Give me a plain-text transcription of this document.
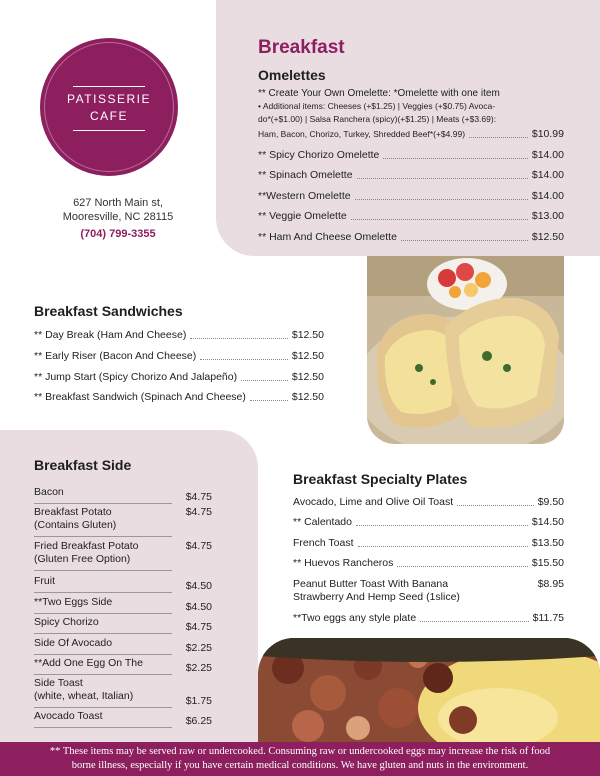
PATISSERIE
CAFE
627 North Main st,
Mooresville, NC 28115
(704) 799-3355
Breakfast
Omelettes
** Create Your Own Omelette: *Omelette with one item
• Additional items: Cheeses (+$1.25) | Veggies (+$0.75) Avoca-
do*(+$1.00) | Salsa Ranchera (spicy)(+$1.25) | Meats (+$3.69):
Ham, Bacon, Chorizo, Turkey, Shredded Beef*(+$4.99)	$10.99
** Spicy Chorizo Omelette	$14.00
** Spinach Omelette	$14.00
**Western Omelette	$14.00
** Veggie Omelette	$13.00
** Ham And Cheese Omelette	$12.50
Breakfast Sandwiches
** Day Break (Ham And Cheese)	$12.50
** Early Riser (Bacon And Cheese)	$12.50
** Jump Start (Spicy Chorizo And Jalapeño)	$12.50
** Breakfast Sandwich (Spinach And Cheese)	$12.50
Breakfast Side
Bacon	$4.75
Breakfast Potato
(Contains Gluten)
$4.75
Fried Breakfast Potato
(Gluten Free Option)
$4.75
Fruit	$4.50
**Two Eggs Side	$4.50
Spicy Chorizo	$4.75
Side Of Avocado	$2.25
**Add One Egg On The	$2.25
Side Toast
(white, wheat, Italian)	$1.75
Avocado Toast	$6.25
Breakfast Specialty Plates
Avocado, Lime and Olive Oil Toast	$9.50
** Calentado	$14.50
French Toast	$13.50
** Huevos Rancheros	$15.50
Peanut Butter Toast With Banana
Strawberry And Hemp Seed (1slice)
$8.95
**Two eggs any style plate	$11.75
** These items may be served raw or undercooked. Consuming raw or undercooked eggs may increase the risk of food
borne illness, especially if you have certain medical conditions. We have gluten and nuts in the environment.
